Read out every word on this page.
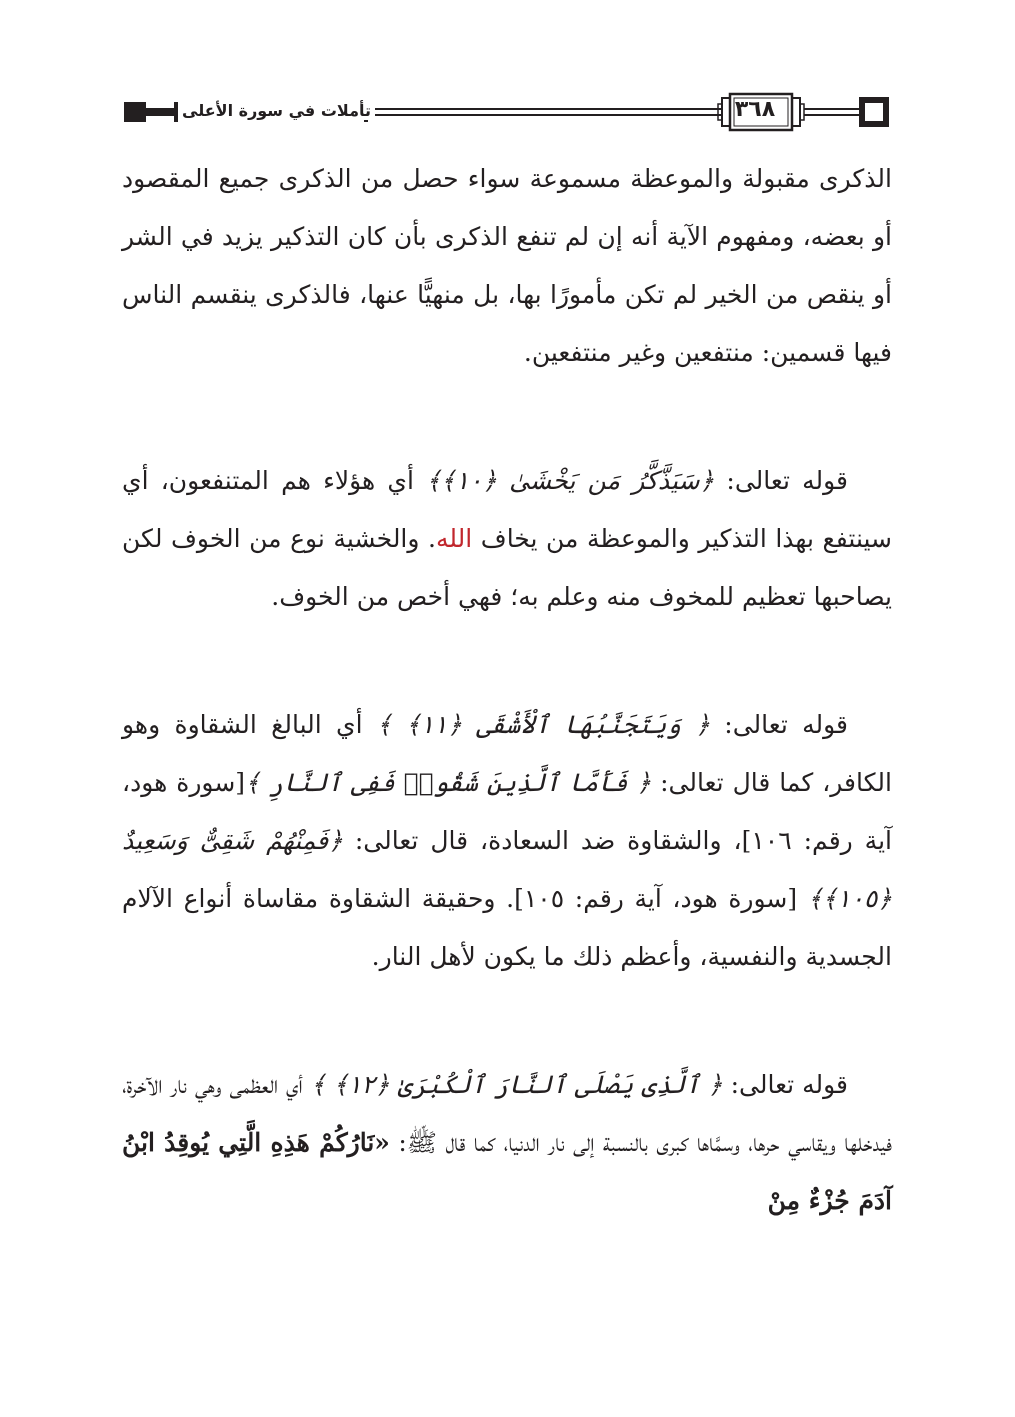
تأملات في سورة الأعلى	٣٦٨

الذكرى مقبولة والموعظة مسموعة سواء حصل من الذكرى جميع المقصود أو بعضه، ومفهوم الآية أنه إن لم تنفع الذكرى بأن كان التذكير يزيد في الشر أو ينقص من الخير لم تكن مأمورًا بها، بل منهيًّا عنها، فالذكرى ينقسم الناس فيها قسمين: منتفعين وغير منتفعين.

قوله تعالى: ﴿سَيَذَّكَّرُ مَن يَخْشَىٰ ﴿١٠﴾﴾ أي هؤلاء هم المتنفعون، أي سينتفع بهذا التذكير والموعظة من يخاف الله. والخشية نوع من الخوف لكن يصاحبها تعظيم للمخوف منه وعلم به؛ فهي أخص من الخوف.

قوله تعالى: ﴿ وَيَتَجَنَّبُهَا ٱلْأَشْقَى ﴿١١﴾ ﴾ أي البالغ الشقاوة وهو الكافر، كما قال تعالى: ﴿ فَأَمَّا ٱلَّذِينَ شَقُوا۟ فَفِى ٱلنَّارِ ﴾[سورة هود، آية رقم: ١٠٦]، والشقاوة ضد السعادة، قال تعالى: ﴿فَمِنْهُمْ شَقِىٌّ وَسَعِيدٌ ﴿١٠٥﴾﴾ [سورة هود، آية رقم: ١٠٥]. وحقيقة الشقاوة مقاساة أنواع الآلام الجسدية والنفسية، وأعظم ذلك ما يكون لأهل النار.

قوله تعالى: ﴿ ٱلَّذِى يَصْلَى ٱلنَّارَ ٱلْكُبْرَىٰ ﴿١٢﴾ ﴾ أي العظمى وهي نار الآخرة، فيدخلها ويقاسي حرها، وسمَّاها كبرى بالنسبة إلى نار الدنيا، كما قال ﷺ: «نَارُكُمْ هَذِهِ الَّتِي يُوقِدُ ابْنُ آدَمَ جُزْءٌ مِنْ
